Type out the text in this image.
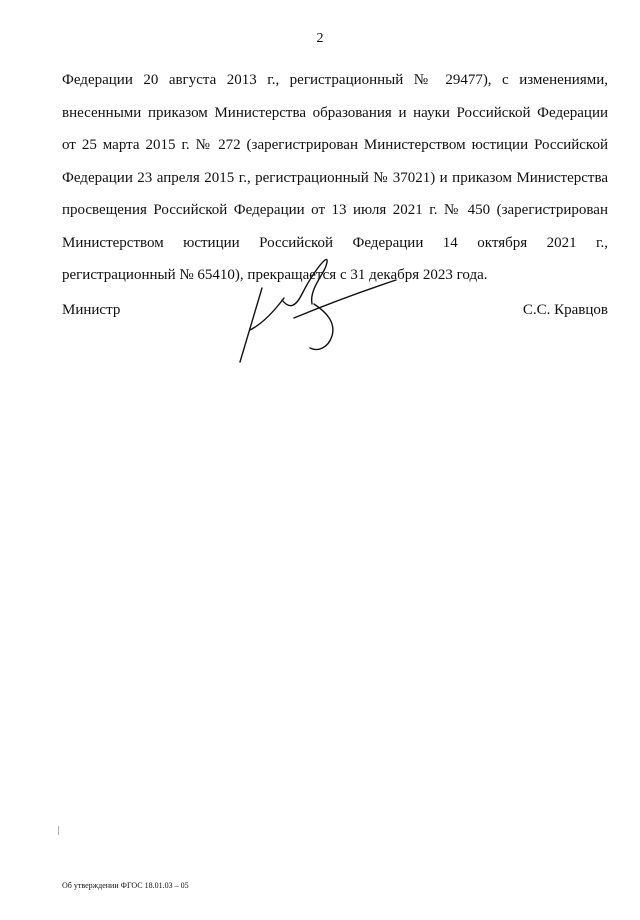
2
Федерации 20 августа 2013 г., регистрационный № 29477), с изменениями,
внесенными приказом Министерства образования и науки Российской Федерации
от 25 марта 2015 г. № 272 (зарегистрирован Министерством юстиции Российской
Федерации 23 апреля 2015 г., регистрационный № 37021) и приказом Министерства
просвещения Российской Федерации от 13 июля 2021 г. № 450 (зарегистрирован
Министерством юстиции Российской Федерации 14 октября 2021 г.,
регистрационный № 65410), прекращается с 31 декабря 2023 года.
Министр	С.С. Кравцов
Об утверждении ФГОС 18.01.03 – 05
